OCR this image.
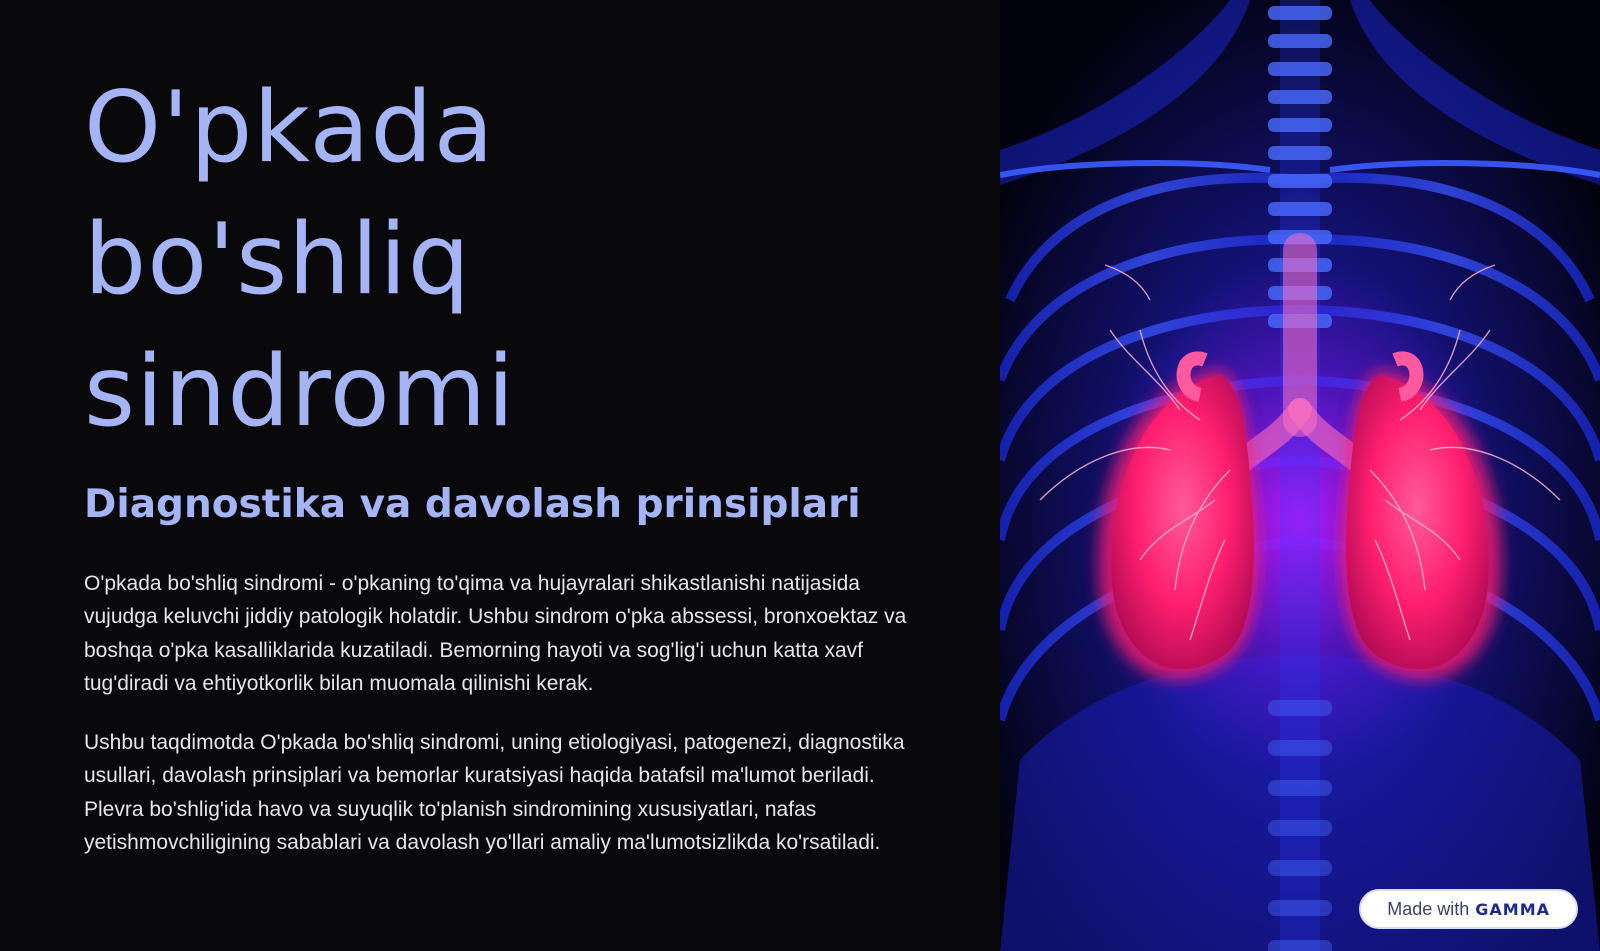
O'pkada
bo'shliq
sindromi
Diagnostika va davolash prinsiplari

O'pkada bo'shliq sindromi - o'pkaning to'qima va hujayralari shikastlanishi natijasida vujudga keluvchi jiddiy patologik holatdir. Ushbu sindrom o'pka abssessi, bronxoektaz va boshqa o'pka kasalliklarida kuzatiladi. Bemorning hayoti va sog'lig'i uchun katta xavf tug'diradi va ehtiyotkorlik bilan muomala qilinishi kerak.

Ushbu taqdimotda O'pkada bo'shliq sindromi, uning etiologiyasi, patogenezi, diagnostika usullari, davolash prinsiplari va bemorlar kuratsiyasi haqida batafsil ma'lumot beriladi. Plevra bo'shlig'ida havo va suyuqlik to'planish sindromining xususiyatlari, nafas yetishmovchiligining sabablari va davolash yo'llari amaliy ma'lumotsizlikda ko'rsatiladi.

Made with GAMMA
